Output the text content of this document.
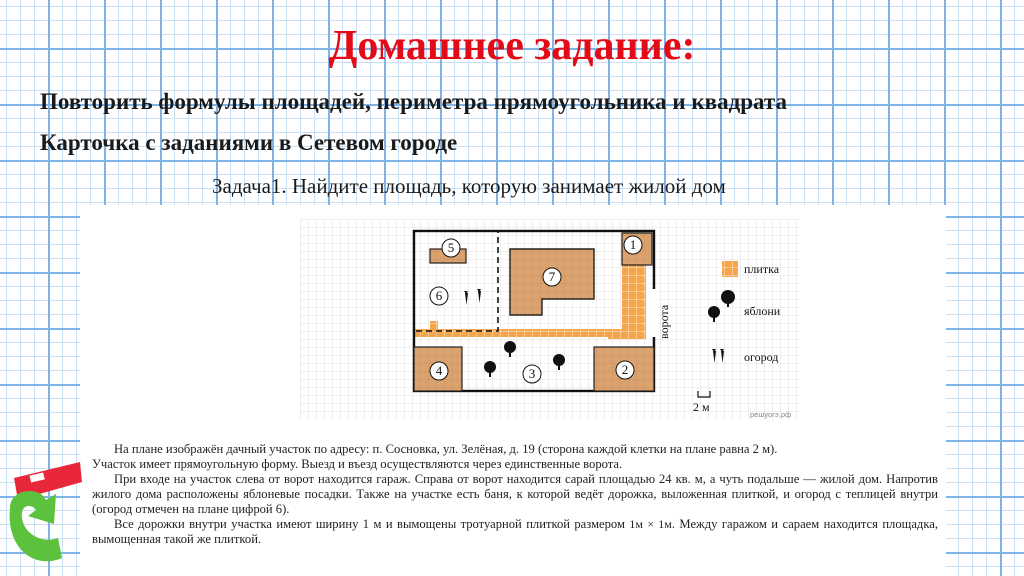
Домашнее задание:
Повторить формулы площадей, периметра прямоугольника и квадрата
Карточка с заданиями в Сетевом городе
Задача1. Найдите площадь, которую занимает жилой дом
5
6
7
1
4	2
3
ворота
плитка
яблони
огород
2 м
решуогэ.рф

На плане изображён дачный участок по адресу: п. Сосновка, ул. Зелёная, д. 19 (сторона каждой клетки на плане равна 2 м).
Участок имеет прямоугольную форму. Выезд и въезд осуществляются через единственные ворота.

При входе на участок слева от ворот находится гараж. Справа от ворот находится сарай площадью 24 кв. м, а чуть подальше — жилой дом. Напротив жилого дома расположены яблоневые посадки. Также на участке есть баня, к которой ведёт дорожка, выложенная плиткой, и огород с теплицей внутри (огород отмечен на плане цифрой 6).

Все дорожки внутри участка имеют ширину 1 м и вымощены тротуарной плиткой размером 1м × 1м. Между гаражом и сараем находится площадка, вымощенная такой же плиткой.
